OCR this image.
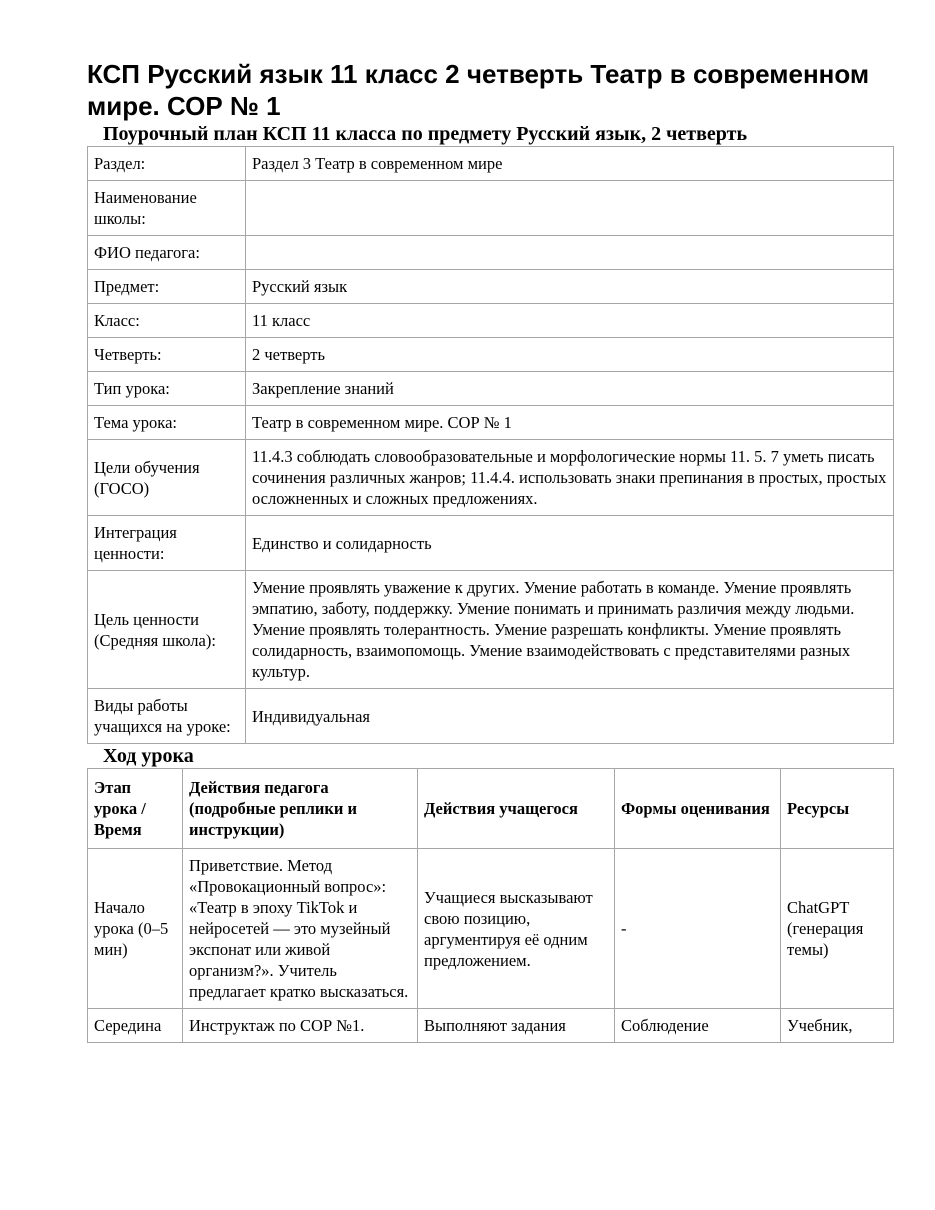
КСП Русский язык 11 класс 2 четверть Театр в современном мире. СОР № 1
Поурочный план КСП 11 класса по предмету Русский язык, 2 четверть
Раздел:	Раздел 3 Театр в современном мире
Наименование школы:	
ФИО педагога:	
Предмет:	Русский язык
Класс:	11 класс
Четверть:	2 четверть
Тип урока:	Закрепление знаний
Тема урока:	Театр в современном мире. СОР № 1
Цели обучения (ГОСО)	11.4.3 соблюдать словообразовательные и морфологические нормы 11. 5. 7 уметь писать сочинения различных жанров; 11.4.4. использовать знаки препинания в простых, простых осложненных и сложных предложениях.
Интеграция ценности:	Единство и солидарность
Цель ценности (Средняя школа):	Умение проявлять уважение к других. Умение работать в команде. Умение проявлять эмпатию, заботу, поддержку. Умение понимать и принимать различия между людьми. Умение проявлять толерантность. Умение разрешать конфликты. Умение проявлять солидарность, взаимопомощь. Умение взаимодействовать с представителями разных культур.
Виды работы учащихся на уроке:	Индивидуальная
Ход урока
Этап урока / Время	Действия педагога (подробные реплики и инструкции)	Действия учащегося	Формы оценивания	Ресурсы
Начало урока (0–5 мин)	Приветствие. Метод «Провокационный вопрос»: «Театр в эпоху TikTok и нейросетей — это музейный экспонат или живой организм?». Учитель предлагает кратко высказаться.	Учащиеся высказывают свою позицию, аргументируя её одним предложением.	-	ChatGPT (генерация темы)
Середина	Инструктаж по СОР №1.	Выполняют задания	Соблюдение	Учебник,
